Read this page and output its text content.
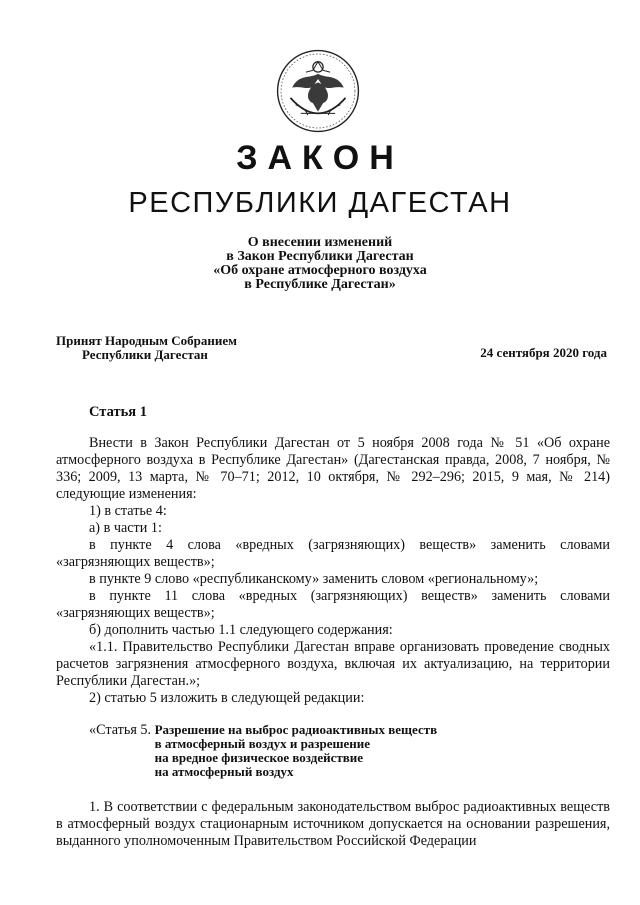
ЗАКОН
РЕСПУБЛИКИ ДАГЕСТАН
О внесении изменений
в Закон Республики Дагестан
«Об охране атмосферного воздуха
в Республике Дагестан»
Принят Народным Собранием
Республики Дагестан	24 сентября 2020 года
Статья 1

Внести в Закон Республики Дагестан от 5 ноября 2008 года № 51 «Об охране атмосферного воздуха в Республике Дагестан» (Дагестанская правда, 2008, 7 ноября, № 336; 2009, 13 марта, № 70–71; 2012, 10 октября, № 292–296; 2015, 9 мая, № 214) следующие изменения:

1) в статье 4:

а) в части 1:

в пункте 4 слова «вредных (загрязняющих) веществ» заменить словами «загрязняющих веществ»;

в пункте 9 слово «республиканскому» заменить словом «региональному»;

в пункте 11 слова «вредных (загрязняющих) веществ» заменить словами «загрязняющих веществ»;

б) дополнить частью 1.1 следующего содержания:

«1.1. Правительство Республики Дагестан вправе организовать проведение сводных расчетов загрязнения атмосферного воздуха, включая их актуализацию, на территории Республики Дагестан.»;

2) статью 5 изложить в следующей редакции:

«Статья 5. Разрешение на выброс радиоактивных веществ
в атмосферный воздух и разрешение
на вредное физическое воздействие
на атмосферный воздух

1. В соответствии с федеральным законодательством выброс радиоактивных веществ в атмосферный воздух стационарным источником допускается на основании разрешения, выданного уполномоченным Правительством Российской Федерации
